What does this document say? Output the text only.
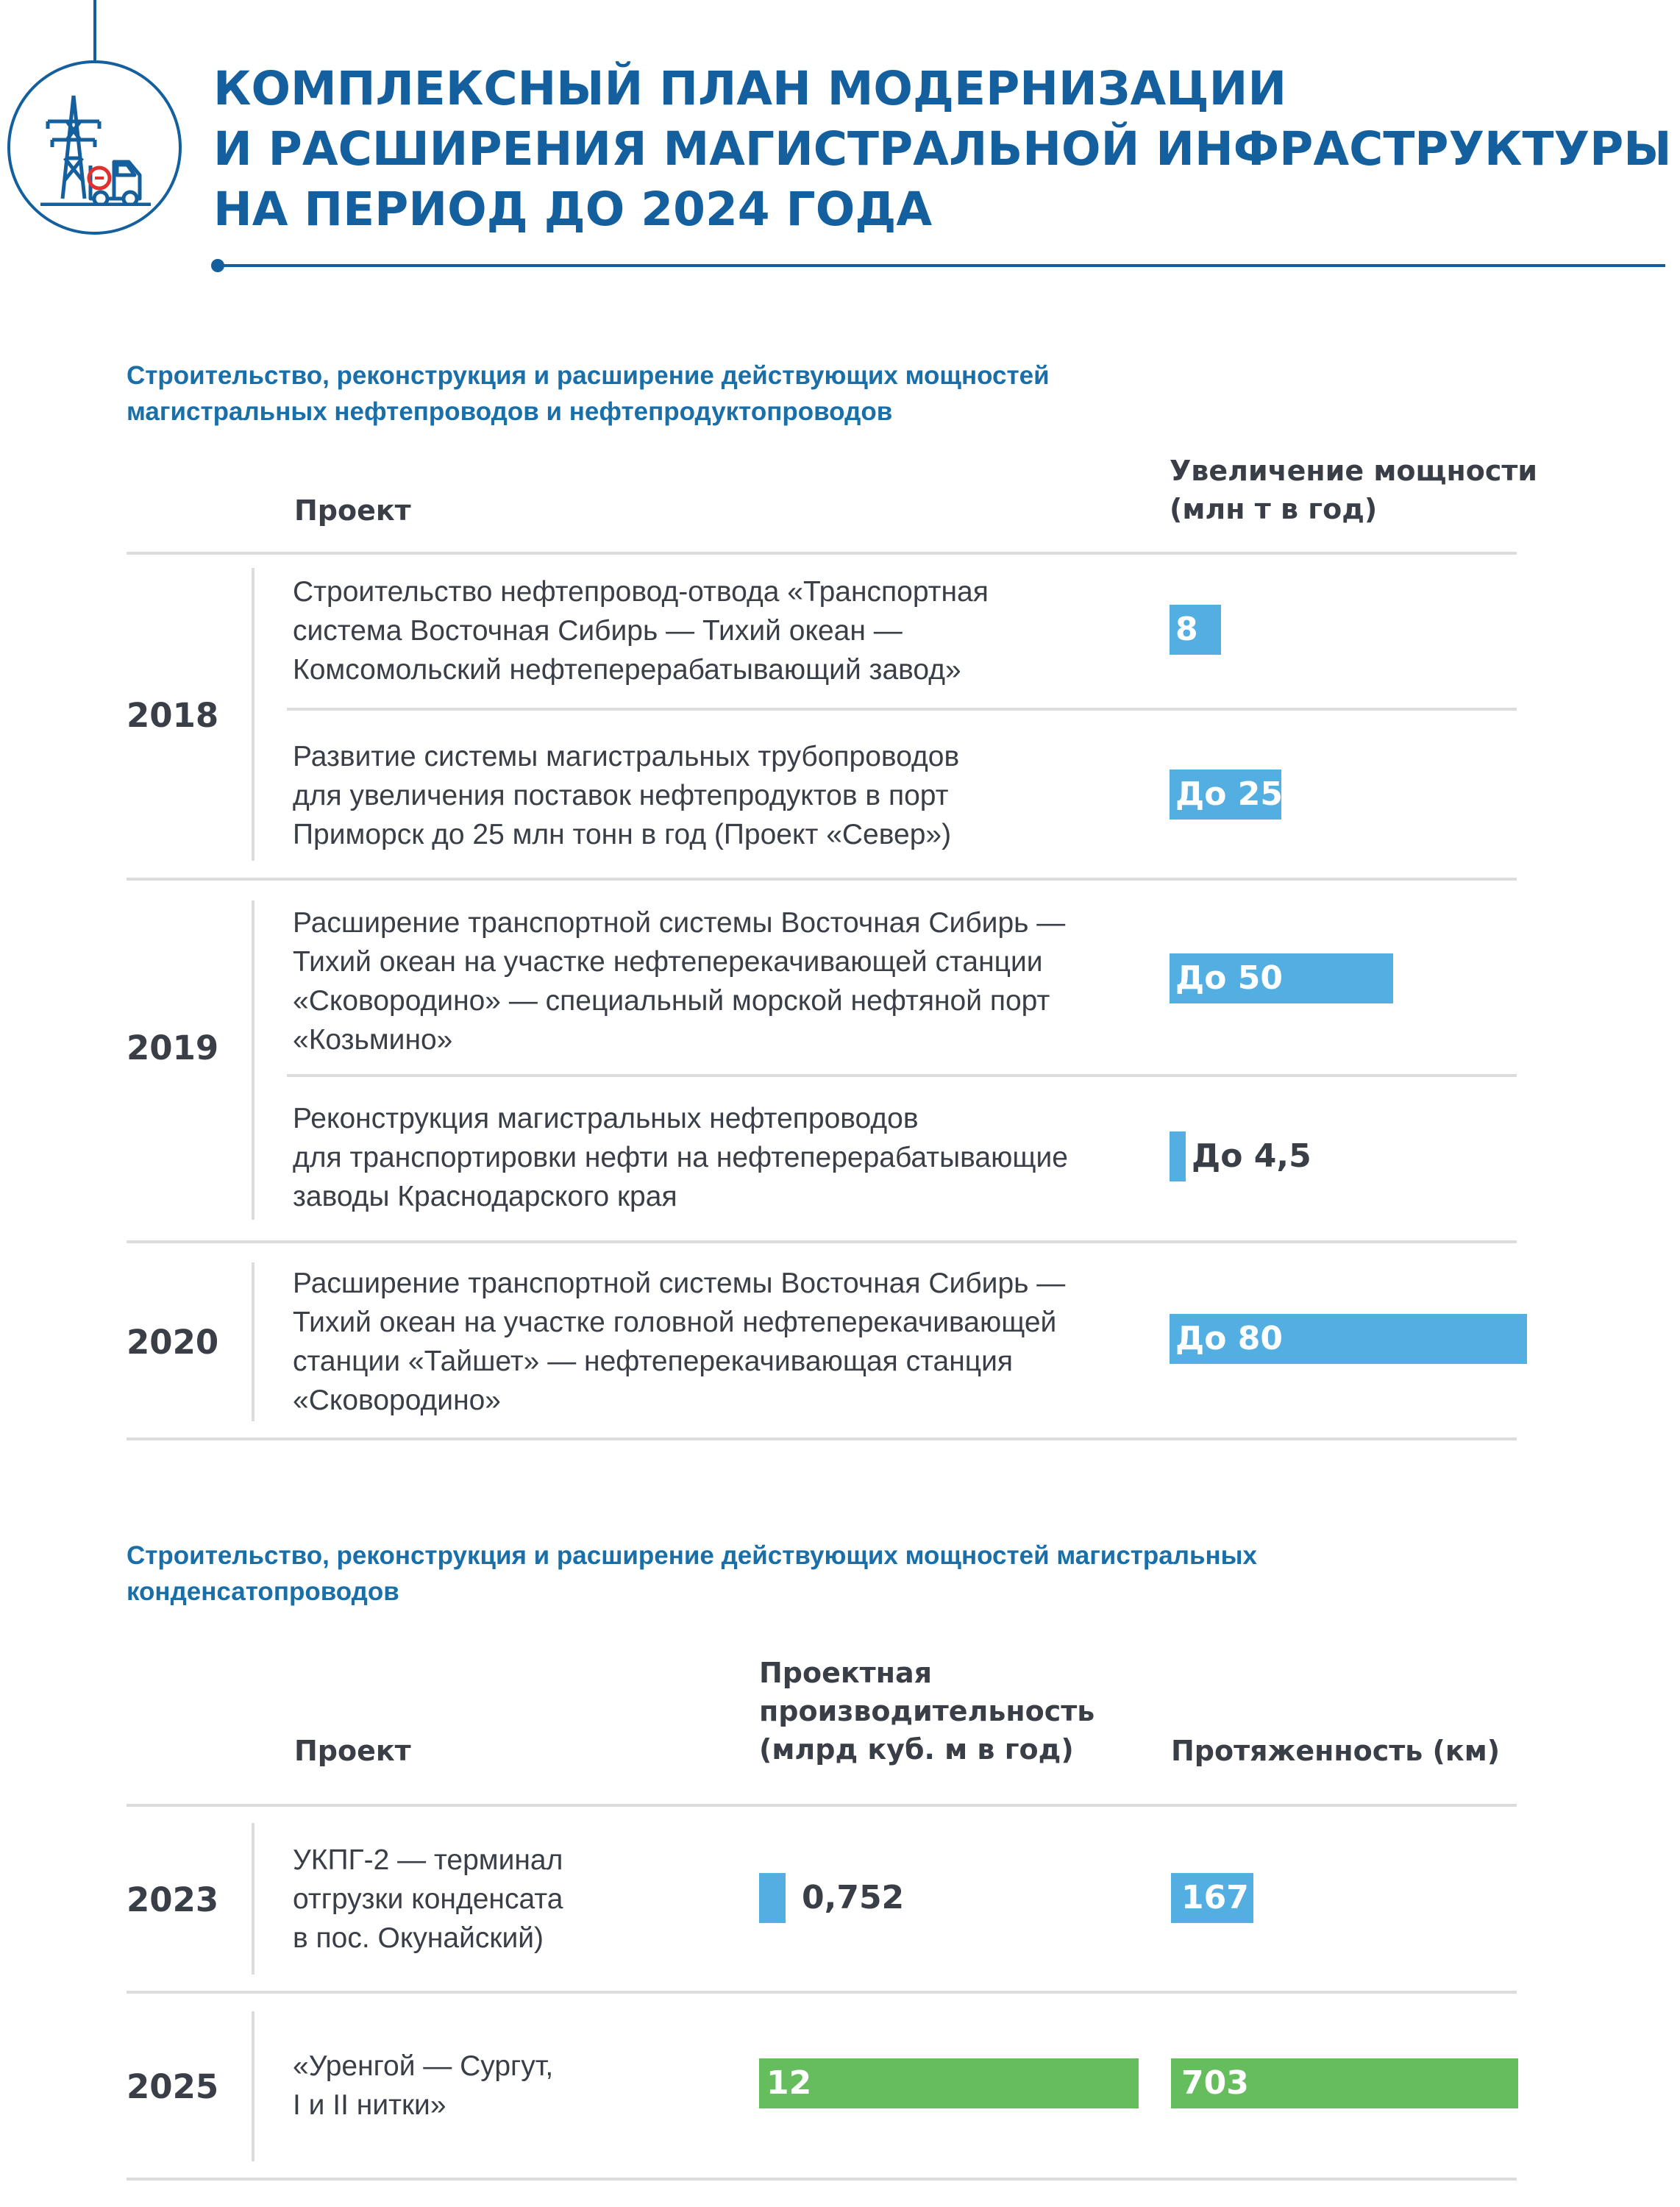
КОМПЛЕКСНЫЙ ПЛАН МОДЕРНИЗАЦИИ
И РАСШИРЕНИЯ МАГИСТРАЛЬНОЙ ИНФРАСТРУКТУРЫ
НА ПЕРИОД ДО 2024 ГОДА
Строительство, реконструкция и расширение действующих мощностей
магистральных нефтепроводов и нефтепродуктопроводов
Проект
Увеличение мощности
(млн т в год)
2018
Строительство нефтепровод-отвода «Транспортная
система Восточная Сибирь — Тихий океан —
Комсомольский нефтеперерабатывающий завод»
8
Развитие системы магистральных трубопроводов
для увеличения поставок нефтепродуктов в порт
Приморск до 25 млн тонн в год (Проект «Север»)
До 25
2019
Расширение транспортной системы Восточная Сибирь —
Тихий океан на участке нефтеперекачивающей станции
«Сковородино» — специальный морской нефтяной порт
«Козьмино»
До 50
Реконструкция магистральных нефтепроводов
для транспортировки нефти на нефтеперерабатывающие
заводы Краснодарского края
До 4,5
2020
Расширение транспортной системы Восточная Сибирь —
Тихий океан на участке головной нефтеперекачивающей
станции «Тайшет» — нефтеперекачивающая станция
«Сковородино»
До 80
Строительство, реконструкция и расширение действующих мощностей магистральных
конденсатопроводов
Проект
Проектная
производительность
(млрд куб. м в год)	Протяженность (км)
2023
УКПГ-2 — терминал
отгрузки конденсата
в пос. Окунайский)
0,752	167
2025
«Уренгой — Сургут,
I и II нитки»
12	703
